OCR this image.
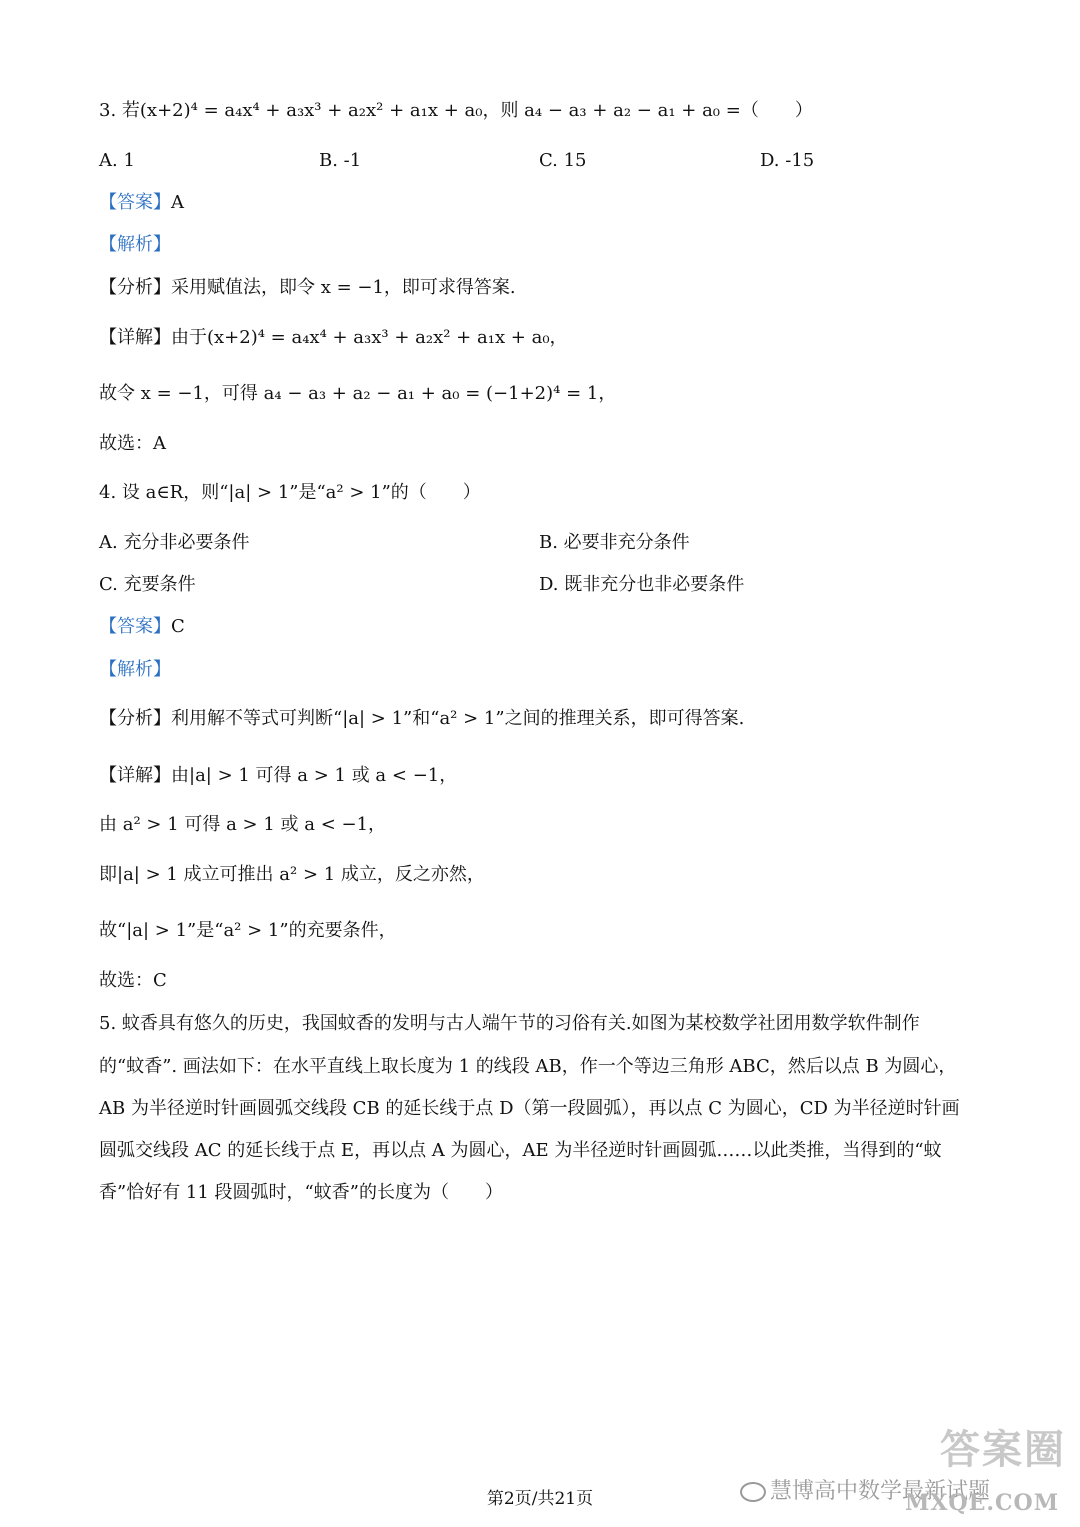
3. 若(x+2)⁴ = a₄x⁴ + a₃x³ + a₂x² + a₁x + a₀，则 a₄ − a₃ + a₂ − a₁ + a₀ =（　　）
A. 1	B. -1	C. 15	D. -15
【答案】A
【解析】
【分析】采用赋值法，即令 x = −1，即可求得答案.
【详解】由于(x+2)⁴ = a₄x⁴ + a₃x³ + a₂x² + a₁x + a₀，
故令 x = −1，可得 a₄ − a₃ + a₂ − a₁ + a₀ = (−1+2)⁴ = 1，
故选：A
4. 设 a∈R，则“|a| > 1”是“a² > 1”的（　　）
A. 充分非必要条件	B. 必要非充分条件
C. 充要条件	D. 既非充分也非必要条件
【答案】C
【解析】
【分析】利用解不等式可判断“|a| > 1”和“a² > 1”之间的推理关系，即可得答案.
【详解】由|a| > 1 可得 a > 1 或 a < −1，
由 a² > 1 可得 a > 1 或 a < −1，
即|a| > 1 成立可推出 a² > 1 成立，反之亦然，
故“|a| > 1”是“a² > 1”的充要条件，
故选：C
5. 蚊香具有悠久的历史，我国蚊香的发明与古人端午节的习俗有关.如图为某校数学社团用数学软件制作
的“蚊香”. 画法如下：在水平直线上取长度为 1 的线段 AB，作一个等边三角形 ABC，然后以点 B 为圆心，
AB 为半径逆时针画圆弧交线段 CB 的延长线于点 D（第一段圆弧），再以点 C 为圆心，CD 为半径逆时针画
圆弧交线段 AC 的延长线于点 E，再以点 A 为圆心，AE 为半径逆时针画圆弧……以此类推，当得到的“蚊
香”恰好有 11 段圆弧时，“蚊香”的长度为（　　）
答案圈
慧博高中数学最新试题
MXQE.COM
第2页/共21页
